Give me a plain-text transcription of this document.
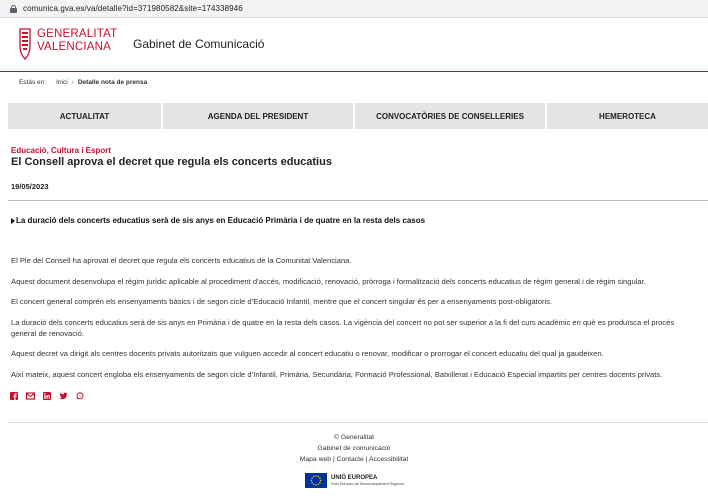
comunica.gva.es/va/detalle?id=371980582&site=174338946
GENERALITAT
VALENCIANA	Gabinet de Comunicació
Estàs en: Inici › Detalle nota de prensa
ACTUALITAT	AGENDA DEL PRESIDENT	CONVOCATÒRIES DE CONSELLERIES	HEMEROTECA
Educació, Cultura i Esport
El Consell aprova el decret que regula els concerts educatius
19/05/2023
La duració dels concerts educatius serà de sis anys en Educació Primària i de quatre en la resta dels casos

El Ple del Consell ha aprovat el decret que regula els concerts educatius de la Comunitat Valenciana.

Aquest document desenvolupa el règim jurídic aplicable al procediment d’accés, modificació, renovació, pròrroga i formalització dels concerts educatius de règim general i de règim singular.

El concert general comprén els ensenyaments bàsics i de segon cicle d’Educació Infantil, mentre que el concert singular és per a ensenyaments post-obligatoris.

La duració dels concerts educatius serà de sis anys en Primària i de quatre en la resta dels casos. La vigència del concert no pot ser superior a la fi del curs acadèmic en què es produïsca el procés general de renovació.

Aquest decret va dirigit als centres docents privats autoritzats que vulguen accedir al concert educatiu o renovar, modificar o prorrogar el concert educatiu del qual ja gaudeixen.

Així mateix, aquest concert engloba els ensenyaments de segon cicle d’Infantil, Primària, Secundària, Formació Professional, Batxillerat i Educació Especial impartits per centres docents privats.

© Generalitat
Gabinet de comunicació
Mapa web | Contacte | Accessibilitat
UNIÓ EUROPEA
Fons Europeu de Desenvolupament Regional
